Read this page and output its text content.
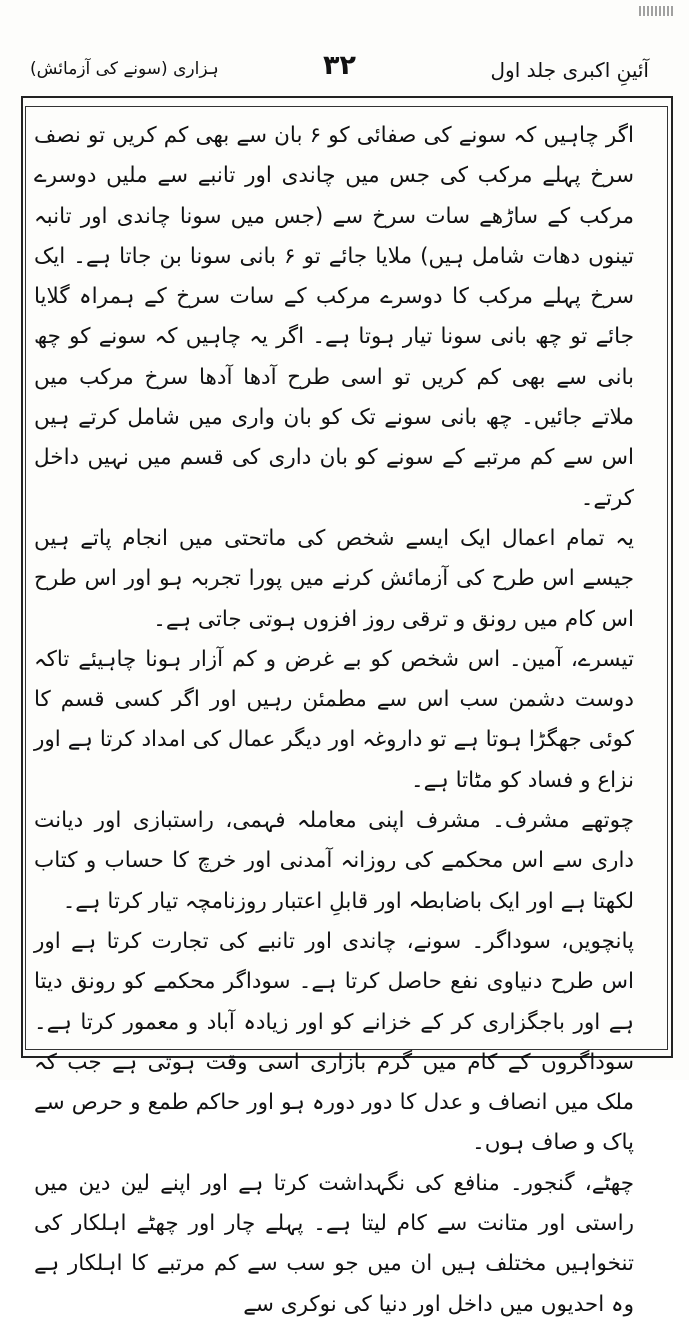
آئینِ اکبری جلد اول
۳۲
ہزاری (سونے کی آزمائش)

اگر چاہیں کہ سونے کی صفائی کو ۶ بان سے بھی کم کریں تو نصف سرخ پہلے مرکب کی جس میں چاندی اور تانبے سے ملیں دوسرے مرکب کے ساڑھے سات سرخ سے (جس میں سونا چاندی اور تانبہ تینوں دھات شامل ہیں) ملایا جائے تو ۶ بانی سونا بن جاتا ہے۔ ایک سرخ پہلے مرکب کا دوسرے مرکب کے سات سرخ کے ہمراہ گلایا جائے تو چھ بانی سونا تیار ہوتا ہے۔ اگر یہ چاہیں کہ سونے کو چھ بانی سے بھی کم کریں تو اسی طرح آدھا آدھا سرخ مرکب میں ملاتے جائیں۔ چھ بانی سونے تک کو بان واری میں شامل کرتے ہیں اس سے کم مرتبے کے سونے کو بان داری کی قسم میں نہیں داخل کرتے۔

یہ تمام اعمال ایک ایسے شخص کی ماتحتی میں انجام پاتے ہیں جیسے اس طرح کی آزمائش کرنے میں پورا تجربہ ہو اور اس طرح اس کام میں رونق و ترقی روز افزوں ہوتی جاتی ہے۔

تیسرے، آمین۔ اس شخص کو بے غرض و کم آزار ہونا چاہیئے تاکہ دوست دشمن سب اس سے مطمئن رہیں اور اگر کسی قسم کا کوئی جھگڑا ہوتا ہے تو داروغہ اور دیگر عمال کی امداد کرتا ہے اور نزاع و فساد کو مٹاتا ہے۔

چوتھے مشرف۔ مشرف اپنی معاملہ فہمی، راستبازی اور دیانت داری سے اس محکمے کی روزانہ آمدنی اور خرچ کا حساب و کتاب لکھتا ہے اور ایک باضابطہ اور قابلِ اعتبار روزنامچہ تیار کرتا ہے۔

پانچویں، سوداگر۔ سونے، چاندی اور تانبے کی تجارت کرتا ہے اور اس طرح دنیاوی نفع حاصل کرتا ہے۔ سوداگر محکمے کو رونق دیتا ہے اور باجگزاری کر کے خزانے کو اور زیادہ آباد و معمور کرتا ہے۔ سوداگروں کے کام میں گرم بازاری اسی وقت ہوتی ہے جب کہ ملک میں انصاف و عدل کا دور دورہ ہو اور حاکم طمع و حرص سے پاک و صاف ہوں۔

چھٹے، گنجور۔ منافع کی نگہداشت کرتا ہے اور اپنے لین دین میں راستی اور متانت سے کام لیتا ہے۔ پہلے چار اور چھٹے اہلکار کی تنخواہیں مختلف ہیں ان میں جو سب سے کم مرتبے کا اہلکار ہے وہ احدیوں میں داخل اور دنیا کی نوکری سے
